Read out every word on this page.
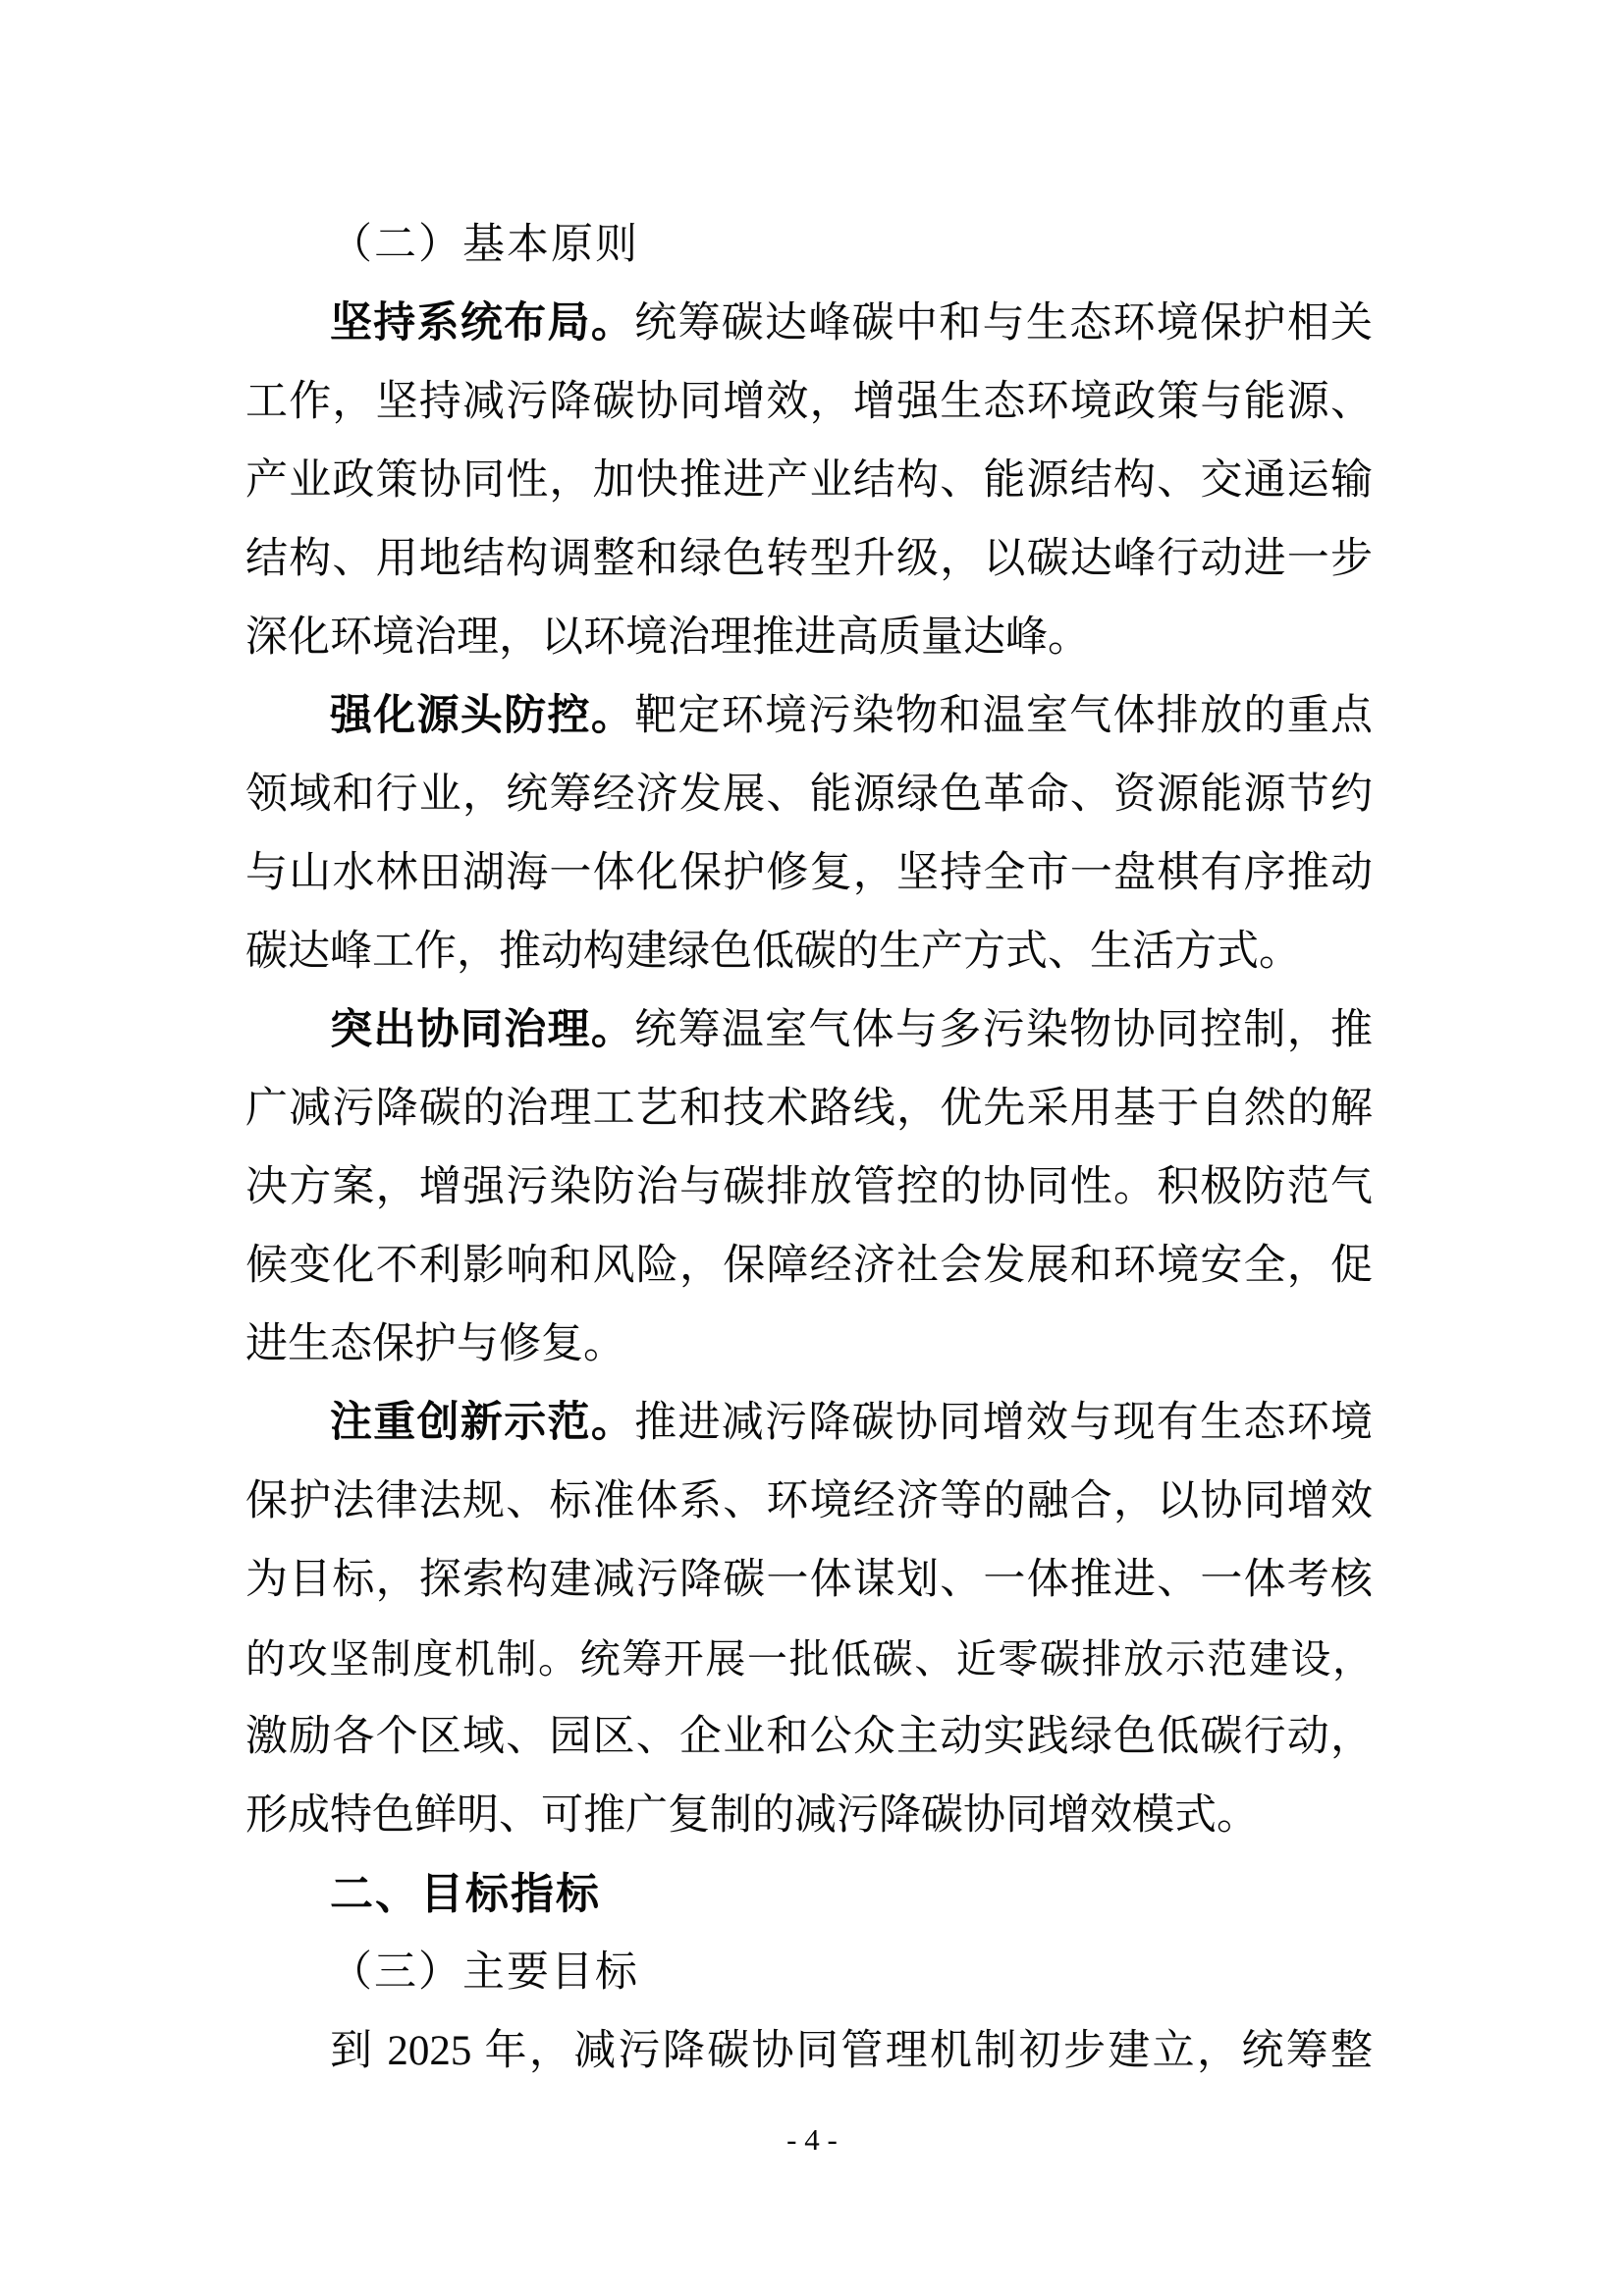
（二）基本原则
坚持系统布局。统筹碳达峰碳中和与生态环境保护相关
工作，坚持减污降碳协同增效，增强生态环境政策与能源、
产业政策协同性，加快推进产业结构、能源结构、交通运输
结构、用地结构调整和绿色转型升级，以碳达峰行动进一步
深化环境治理，以环境治理推进高质量达峰。
强化源头防控。靶定环境污染物和温室气体排放的重点
领域和行业，统筹经济发展、能源绿色革命、资源能源节约
与山水林田湖海一体化保护修复，坚持全市一盘棋有序推动
碳达峰工作，推动构建绿色低碳的生产方式、生活方式。
突出协同治理。统筹温室气体与多污染物协同控制，推
广减污降碳的治理工艺和技术路线，优先采用基于自然的解
决方案，增强污染防治与碳排放管控的协同性。积极防范气
候变化不利影响和风险，保障经济社会发展和环境安全，促
进生态保护与修复。
注重创新示范。推进减污降碳协同增效与现有生态环境
保护法律法规、标准体系、环境经济等的融合，以协同增效
为目标，探索构建减污降碳一体谋划、一体推进、一体考核
的攻坚制度机制。统筹开展一批低碳、近零碳排放示范建设，
激励各个区域、园区、企业和公众主动实践绿色低碳行动，
形成特色鲜明、可推广复制的减污降碳协同增效模式。
二、目标指标
（三）主要目标
到 2025 年，减污降碳协同管理机制初步建立，统筹整
- 4 -
